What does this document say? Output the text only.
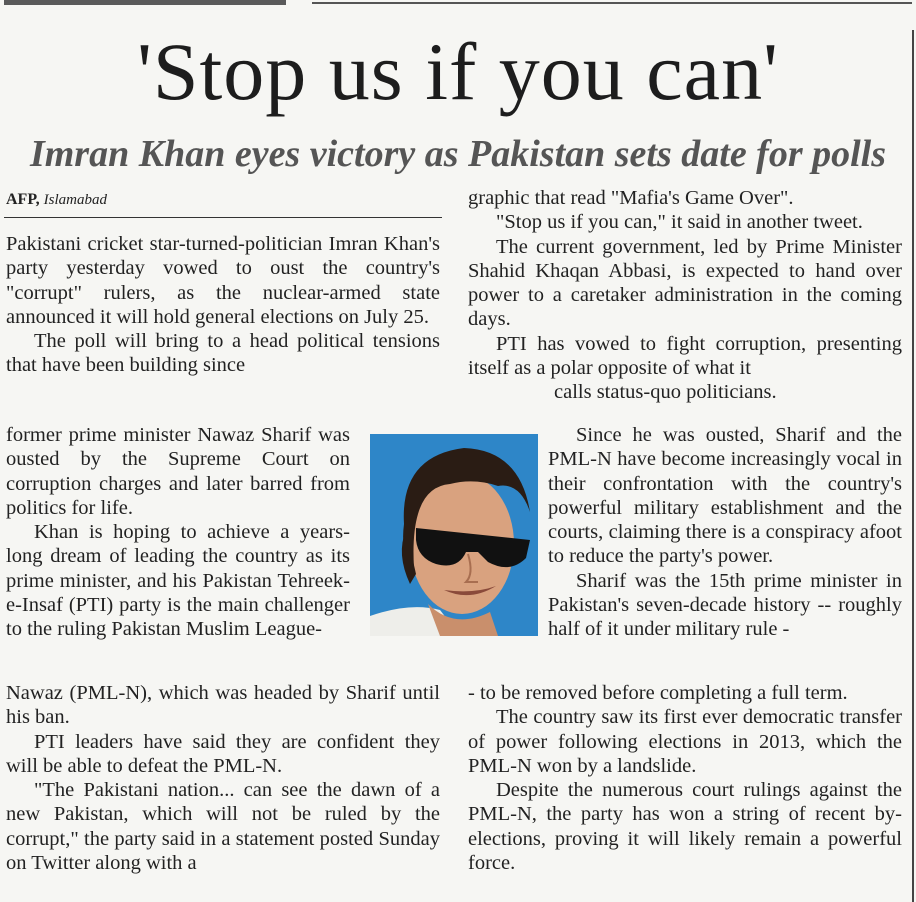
'Stop us if you can'
Imran Khan eyes victory as Pakistan sets date for polls
AFP, Islamabad

Pakistani cricket star-turned-politician Imran Khan's party yesterday vowed to oust the country's "corrupt" rulers, as the nuclear-armed state announced it will hold general elections on July 25.

The poll will bring to a head political tensions that have been building since

former prime minister Nawaz Sharif was ousted by the Supreme Court on corruption charges and later barred from politics for life.

Khan is hoping to achieve a years-long dream of leading the country as its prime minister, and his Pakistan Tehreek-e-Insaf (PTI) party is the main challenger to the ruling Pakistan Muslim League-

Nawaz (PML-N), which was headed by Sharif until his ban.

PTI leaders have said they are confident they will be able to defeat the PML-N.

"The Pakistani nation... can see the dawn of a new Pakistan, which will not be ruled by the corrupt," the party said in a statement posted Sunday on Twitter along with a

graphic that read "Mafia's Game Over".

"Stop us if you can," it said in another tweet.

The current government, led by Prime Minister Shahid Khaqan Abbasi, is expected to hand over power to a caretaker administration in the coming days.

PTI has vowed to fight corruption, presenting itself as a polar opposite of what it

calls status-quo politicians.

Since he was ousted, Sharif and the PML-N have become increasingly vocal in their confrontation with the country's powerful military establishment and the courts, claiming there is a conspiracy afoot to reduce the party's power.

Sharif was the 15th prime minister in Pakistan's seven-decade history -- roughly half of it under military rule -

- to be removed before completing a full term.

The country saw its first ever democratic transfer of power following elections in 2013, which the PML-N won by a landslide.

Despite the numerous court rulings against the PML-N, the party has won a string of recent by-elections, proving it will likely remain a powerful force.
